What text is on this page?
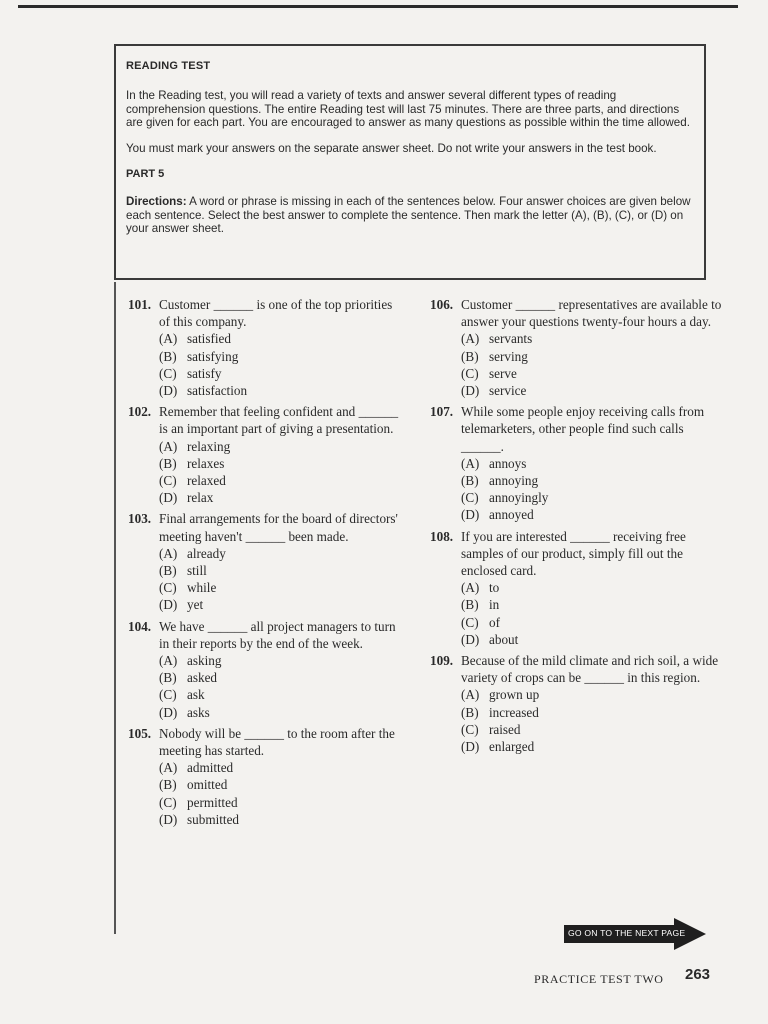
READING TEST

In the Reading test, you will read a variety of texts and answer several different types of reading comprehension questions. The entire Reading test will last 75 minutes. There are three parts, and directions are given for each part. You are encouraged to answer as many questions as possible within the time allowed.

You must mark your answers on the separate answer sheet. Do not write your answers in the test book.

PART 5

Directions: A word or phrase is missing in each of the sentences below. Four answer choices are given below each sentence. Select the best answer to complete the sentence. Then mark the letter (A), (B), (C), or (D) on your answer sheet.

101. Customer ______ is one of the top priorities of this company.
(A) satisfied
(B) satisfying
(C) satisfy
(D) satisfaction
102. Remember that feeling confident and ______ is an important part of giving a presentation.
(A) relaxing
(B) relaxes
(C) relaxed
(D) relax
103. Final arrangements for the board of directors' meeting haven't ______ been made.
(A) already
(B) still
(C) while
(D) yet
104. We have ______ all project managers to turn in their reports by the end of the week.
(A) asking
(B) asked
(C) ask
(D) asks
105. Nobody will be ______ to the room after the meeting has started.
(A) admitted
(B) omitted
(C) permitted
(D) submitted
106. Customer ______ representatives are available to answer your questions twenty-four hours a day.
(A) servants
(B) serving
(C) serve
(D) service
107. While some people enjoy receiving calls from telemarketers, other people find such calls ______.
(A) annoys
(B) annoying
(C) annoyingly
(D) annoyed
108. If you are interested ______ receiving free samples of our product, simply fill out the enclosed card.
(A) to
(B) in
(C) of
(D) about
109. Because of the mild climate and rich soil, a wide variety of crops can be ______ in this region.
(A) grown up
(B) increased
(C) raised
(D) enlarged
GO ON TO THE NEXT PAGE
PRACTICE TEST TWO 263
